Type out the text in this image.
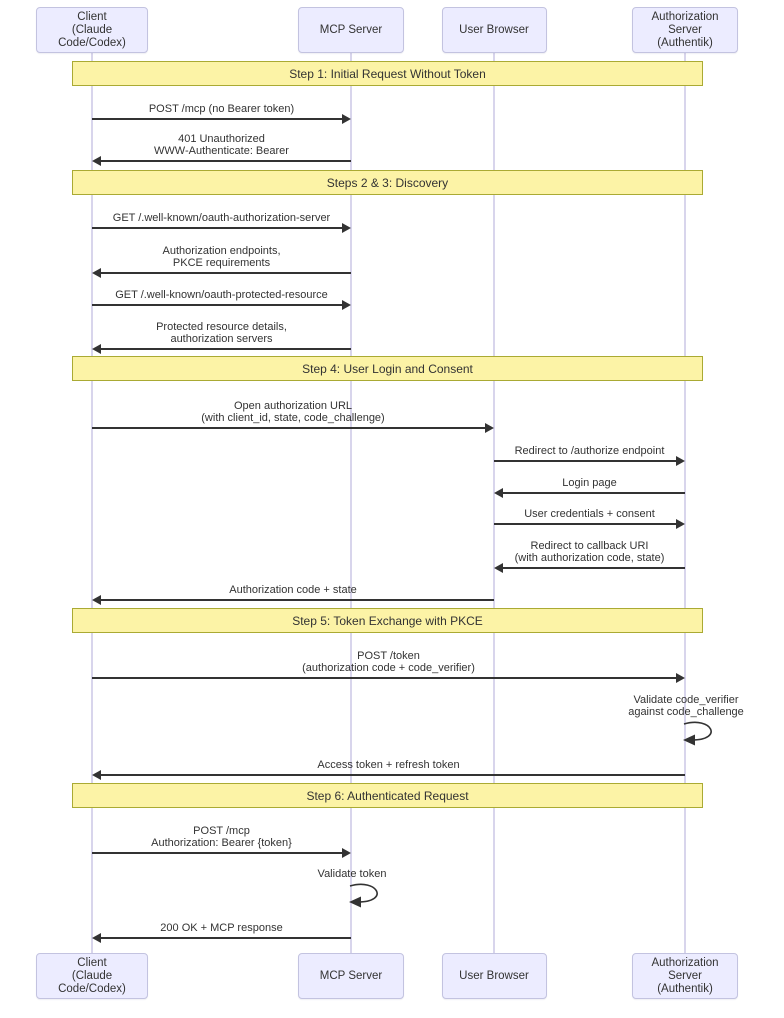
Client
(Claude Code/Codex)
Client
(Claude Code/Codex)
MCP Server
MCP Server
User Browser
User Browser
Authorization Server
(Authentik)
Authorization Server
(Authentik)
Step 1: Initial Request Without Token
POST /mcp (no Bearer token)
401 Unauthorized
WWW-Authenticate: Bearer
Steps 2 & 3: Discovery
GET /.well-known/oauth-authorization-server
Authorization endpoints,
PKCE requirements
GET /.well-known/oauth-protected-resource
Protected resource details,
authorization servers
Step 4: User Login and Consent
Open authorization URL
(with client_id, state, code_challenge)
Redirect to /authorize endpoint
Login page
User credentials + consent
Redirect to callback URI
(with authorization code, state)
Authorization code + state
Step 5: Token Exchange with PKCE
POST /token
(authorization code + code_verifier)
Validate code_verifier
against code_challenge
Access token + refresh token
Step 6: Authenticated Request
POST /mcp
Authorization: Bearer {token}
Validate token
200 OK + MCP response
